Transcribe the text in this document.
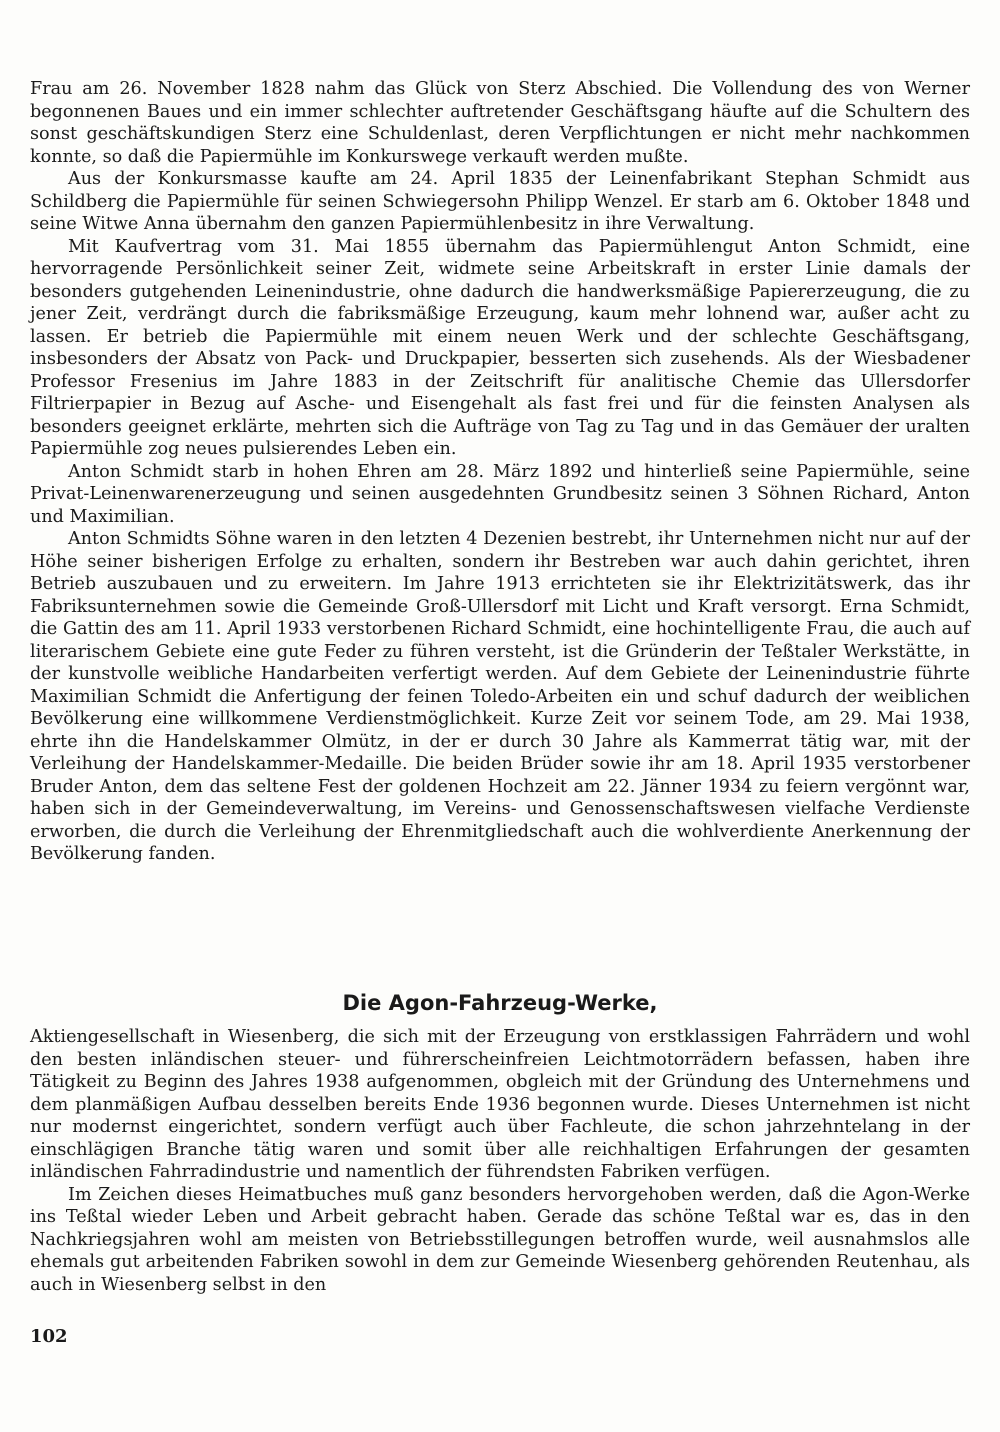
Frau am 26. November 1828 nahm das Glück von Sterz Abschied. Die Vollendung des von Werner begonnenen Baues und ein immer schlechter auftretender Geschäftsgang häufte auf die Schultern des sonst geschäftskundigen Sterz eine Schuldenlast, deren Verpflichtungen er nicht mehr nachkommen konnte, so daß die Papiermühle im Konkurswege verkauft werden mußte.

Aus der Konkursmasse kaufte am 24. April 1835 der Leinenfabrikant Stephan Schmidt aus Schildberg die Papiermühle für seinen Schwiegersohn Philipp Wenzel. Er starb am 6. Oktober 1848 und seine Witwe Anna übernahm den ganzen Papiermühlenbesitz in ihre Verwaltung.

Mit Kaufvertrag vom 31. Mai 1855 übernahm das Papiermühlengut Anton Schmidt, eine hervorragende Persönlichkeit seiner Zeit, widmete seine Arbeitskraft in erster Linie damals der besonders gutgehenden Leinenindustrie, ohne dadurch die handwerksmäßige Papiererzeugung, die zu jener Zeit, verdrängt durch die fabriksmäßige Erzeugung, kaum mehr lohnend war, außer acht zu lassen. Er betrieb die Papiermühle mit einem neuen Werk und der schlechte Geschäftsgang, insbesonders der Absatz von Pack- und Druckpapier, besserten sich zusehends. Als der Wiesbadener Professor Fresenius im Jahre 1883 in der Zeitschrift für analitische Chemie das Ullersdorfer Filtrierpapier in Bezug auf Asche- und Eisengehalt als fast frei und für die feinsten Analysen als besonders geeignet erklärte, mehrten sich die Aufträge von Tag zu Tag und in das Gemäuer der uralten Papiermühle zog neues pulsierendes Leben ein.

Anton Schmidt starb in hohen Ehren am 28. März 1892 und hinterließ seine Papiermühle, seine Privat-Leinenwarenerzeugung und seinen ausgedehnten Grundbesitz seinen 3 Söhnen Richard, Anton und Maximilian.

Anton Schmidts Söhne waren in den letzten 4 Dezenien bestrebt, ihr Unternehmen nicht nur auf der Höhe seiner bisherigen Erfolge zu erhalten, sondern ihr Bestreben war auch dahin gerichtet, ihren Betrieb auszubauen und zu erweitern. Im Jahre 1913 errichteten sie ihr Elektrizitätswerk, das ihr Fabriksunternehmen sowie die Gemeinde Groß-Ullersdorf mit Licht und Kraft versorgt. Erna Schmidt, die Gattin des am 11. April 1933 verstorbenen Richard Schmidt, eine hochintelligente Frau, die auch auf literarischem Gebiete eine gute Feder zu führen versteht, ist die Gründerin der Teßtaler Werkstätte, in der kunstvolle weibliche Handarbeiten verfertigt werden. Auf dem Gebiete der Leinenindustrie führte Maximilian Schmidt die Anfertigung der feinen Toledo-Arbeiten ein und schuf dadurch der weiblichen Bevölkerung eine willkommene Verdienstmöglichkeit. Kurze Zeit vor seinem Tode, am 29. Mai 1938, ehrte ihn die Handelskammer Olmütz, in der er durch 30 Jahre als Kammerrat tätig war, mit der Verleihung der Handelskammer-Medaille. Die beiden Brüder sowie ihr am 18. April 1935 verstorbener Bruder Anton, dem das seltene Fest der goldenen Hochzeit am 22. Jänner 1934 zu feiern vergönnt war, haben sich in der Gemeindeverwaltung, im Vereins- und Genossenschaftswesen vielfache Verdienste erworben, die durch die Verleihung der Ehrenmitgliedschaft auch die wohlverdiente Anerkennung der Bevölkerung fanden.

Die Agon-Fahrzeug-Werke,

Aktiengesellschaft in Wiesenberg, die sich mit der Erzeugung von erstklassigen Fahrrädern und wohl den besten inländischen steuer- und führerscheinfreien Leichtmotorrädern befassen, haben ihre Tätigkeit zu Beginn des Jahres 1938 aufgenommen, obgleich mit der Gründung des Unternehmens und dem planmäßigen Aufbau desselben bereits Ende 1936 begonnen wurde. Dieses Unternehmen ist nicht nur modernst eingerichtet, sondern verfügt auch über Fachleute, die schon jahrzehntelang in der einschlägigen Branche tätig waren und somit über alle reichhaltigen Erfahrungen der gesamten inländischen Fahrradindustrie und namentlich der führendsten Fabriken verfügen.

Im Zeichen dieses Heimatbuches muß ganz besonders hervorgehoben werden, daß die Agon-Werke ins Teßtal wieder Leben und Arbeit gebracht haben. Gerade das schöne Teßtal war es, das in den Nachkriegsjahren wohl am meisten von Betriebsstillegungen betroffen wurde, weil ausnahmslos alle ehemals gut arbeitenden Fabriken sowohl in dem zur Gemeinde Wiesenberg gehörenden Reutenhau, als auch in Wiesenberg selbst in den

102
